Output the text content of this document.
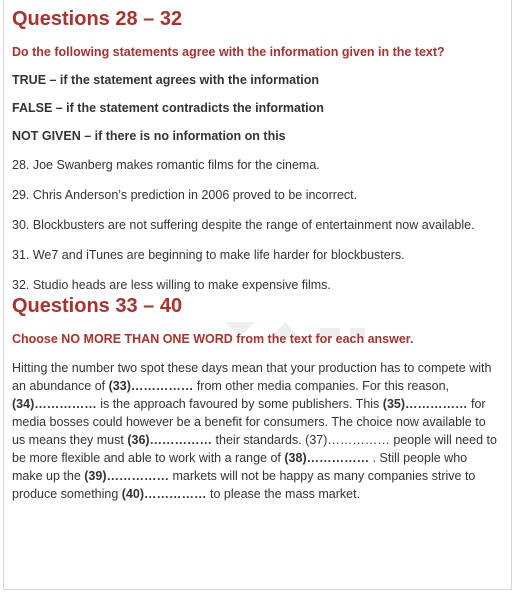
Questions 28 – 32

Do the following statements agree with the information given in the text?

TRUE – if the statement agrees with the information

FALSE – if the statement contradicts the information

NOT GIVEN – if there is no information on this

28. Joe Swanberg makes romantic films for the cinema.

29. Chris Anderson’s prediction in 2006 proved to be incorrect.

30. Blockbusters are not suffering despite the range of entertainment now available.

31. We7 and iTunes are beginning to make life harder for blockbusters.

32. Studio heads are less willing to make expensive films.

Questions 33 – 40

Choose NO MORE THAN ONE WORD from the text for each answer.

Hitting the number two spot these days mean that your production has to compete with an abundance of (33)…………… from other media companies. For this reason, (34)…………… is the approach favoured by some publishers. This (35)…………… for media bosses could however be a benefit for consumers. The choice now available to us means they must (36)…………… their standards. (37)…………… people will need to be more flexible and able to work with a range of (38)…………… . Still people who make up the (39)…………… markets will not be happy as many companies strive to produce something (40)…………… to please the mass market.
